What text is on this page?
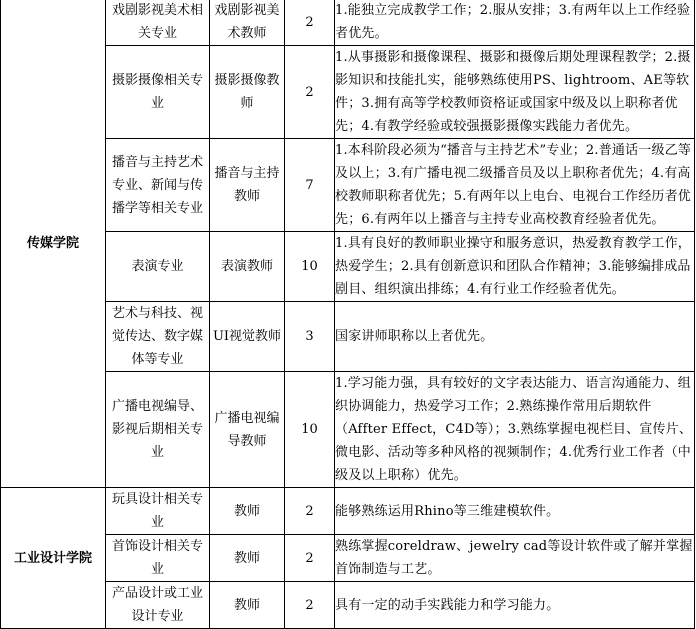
传媒学院	戏剧影视美术相关专业	戏剧影视美术教师	2	1.能独立完成教学工作；2.服从安排；3.有两年以上工作经验者优先。
	摄影摄像相关专业	摄影摄像教师	2	1.从事摄影和摄像课程、摄影和摄像后期处理课程教学；2.摄影知识和技能扎实，能够熟练使用PS、lightroom、AE等软件；3.拥有高等学校教师资格证或国家中级及以上职称者优先；4.有教学经验或较强摄影摄像实践能力者优先。
	播音与主持艺术专业、新闻与传播学等相关专业	播音与主持教师	7	1.本科阶段必须为“播音与主持艺术”专业；2.普通话一级乙等及以上；3.有广播电视二级播音员及以上职称者优先；4.有高校教师职称者优先；5.有两年以上电台、电视台工作经历者优先；6.有两年以上播音与主持专业高校教育经验者优先。
	表演专业	表演教师	10	1.具有良好的教师职业操守和服务意识，热爱教育教学工作，热爱学生；2.具有创新意识和团队合作精神；3.能够编排成品剧目、组织演出排练；4.有行业工作经验者优先。
	艺术与科技、视觉传达、数字媒体等专业	UI视觉教师	3	国家讲师职称以上者优先。
	广播电视编导、影视后期相关专业	广播电视编导教师	10	1.学习能力强，具有较好的文字表达能力、语言沟通能力、组织协调能力，热爱学习工作；2.熟练操作常用后期软件（Affter Effect，C4D等）；3.熟练掌握电视栏目、宣传片、微电影、活动等多种风格的视频制作；4.优秀行业工作者（中级及以上职称）优先。
工业设计学院	玩具设计相关专业	教师	2	能够熟练运用Rhino等三维建模软件。
	首饰设计相关专业	教师	2	熟练掌握coreldraw、jewelry cad等设计软件或了解并掌握首饰制造与工艺。
	产品设计或工业设计专业	教师	2	具有一定的动手实践能力和学习能力。
